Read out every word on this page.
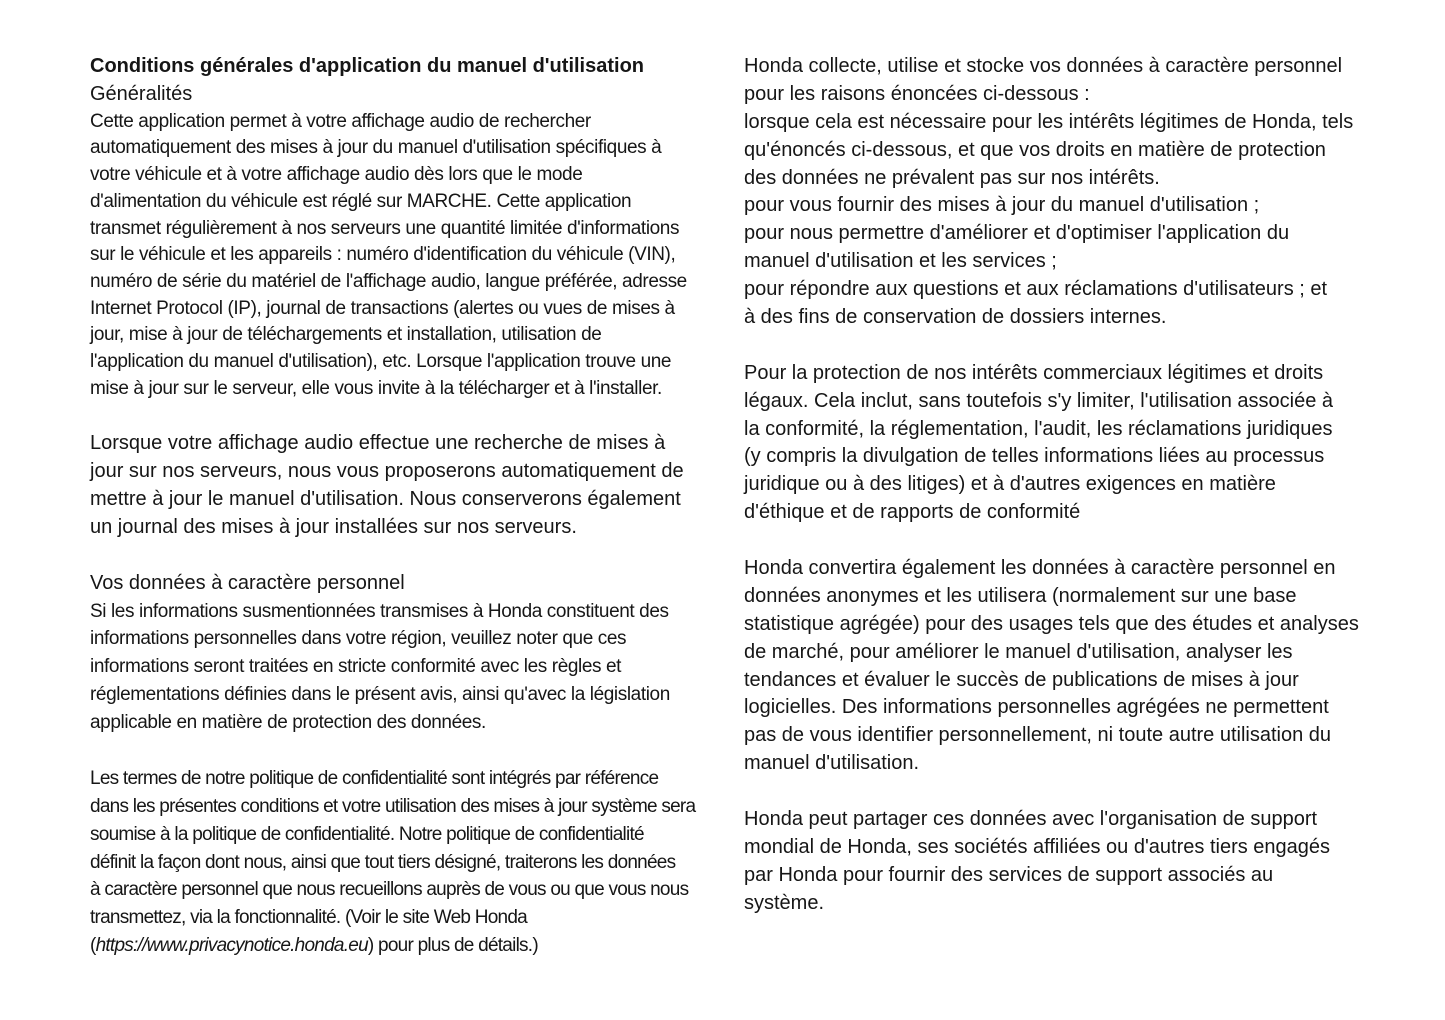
Conditions générales d'application du manuel d'utilisation
Généralités
Cette application permet à votre affichage audio de rechercher
automatiquement des mises à jour du manuel d'utilisation spécifiques à
votre véhicule et à votre affichage audio dès lors que le mode
d'alimentation du véhicule est réglé sur MARCHE. Cette application
transmet régulièrement à nos serveurs une quantité limitée d'informations
sur le véhicule et les appareils : numéro d'identification du véhicule (VIN),
numéro de série du matériel de l'affichage audio, langue préférée, adresse
Internet Protocol (IP), journal de transactions (alertes ou vues de mises à
jour, mise à jour de téléchargements et installation, utilisation de
l'application du manuel d'utilisation), etc. Lorsque l'application trouve une
mise à jour sur le serveur, elle vous invite à la télécharger et à l'installer.
Lorsque votre affichage audio effectue une recherche de mises à
jour sur nos serveurs, nous vous proposerons automatiquement de
mettre à jour le manuel d'utilisation. Nous conserverons également
un journal des mises à jour installées sur nos serveurs.
Vos données à caractère personnel
Si les informations susmentionnées transmises à Honda constituent des
informations personnelles dans votre région, veuillez noter que ces
informations seront traitées en stricte conformité avec les règles et
réglementations définies dans le présent avis, ainsi qu'avec la législation
applicable en matière de protection des données.
Les termes de notre politique de confidentialité sont intégrés par référence
dans les présentes conditions et votre utilisation des mises à jour système sera
soumise à la politique de confidentialité. Notre politique de confidentialité
définit la façon dont nous, ainsi que tout tiers désigné, traiterons les données
à caractère personnel que nous recueillons auprès de vous ou que vous nous
transmettez, via la fonctionnalité. (Voir le site Web Honda
(https://www.privacynotice.honda.eu) pour plus de détails.)
Honda collecte, utilise et stocke vos données à caractère personnel
pour les raisons énoncées ci-dessous :
lorsque cela est nécessaire pour les intérêts légitimes de Honda, tels
qu'énoncés ci-dessous, et que vos droits en matière de protection
des données ne prévalent pas sur nos intérêts.
pour vous fournir des mises à jour du manuel d'utilisation ;
pour nous permettre d'améliorer et d'optimiser l'application du
manuel d'utilisation et les services ;
pour répondre aux questions et aux réclamations d'utilisateurs ; et
à des fins de conservation de dossiers internes.
Pour la protection de nos intérêts commerciaux légitimes et droits
légaux. Cela inclut, sans toutefois s'y limiter, l'utilisation associée à
la conformité, la réglementation, l'audit, les réclamations juridiques
(y compris la divulgation de telles informations liées au processus
juridique ou à des litiges) et à d'autres exigences en matière
d'éthique et de rapports de conformité
Honda convertira également les données à caractère personnel en
données anonymes et les utilisera (normalement sur une base
statistique agrégée) pour des usages tels que des études et analyses
de marché, pour améliorer le manuel d'utilisation, analyser les
tendances et évaluer le succès de publications de mises à jour
logicielles. Des informations personnelles agrégées ne permettent
pas de vous identifier personnellement, ni toute autre utilisation du
manuel d'utilisation.
Honda peut partager ces données avec l'organisation de support
mondial de Honda, ses sociétés affiliées ou d'autres tiers engagés
par Honda pour fournir des services de support associés au
système.
